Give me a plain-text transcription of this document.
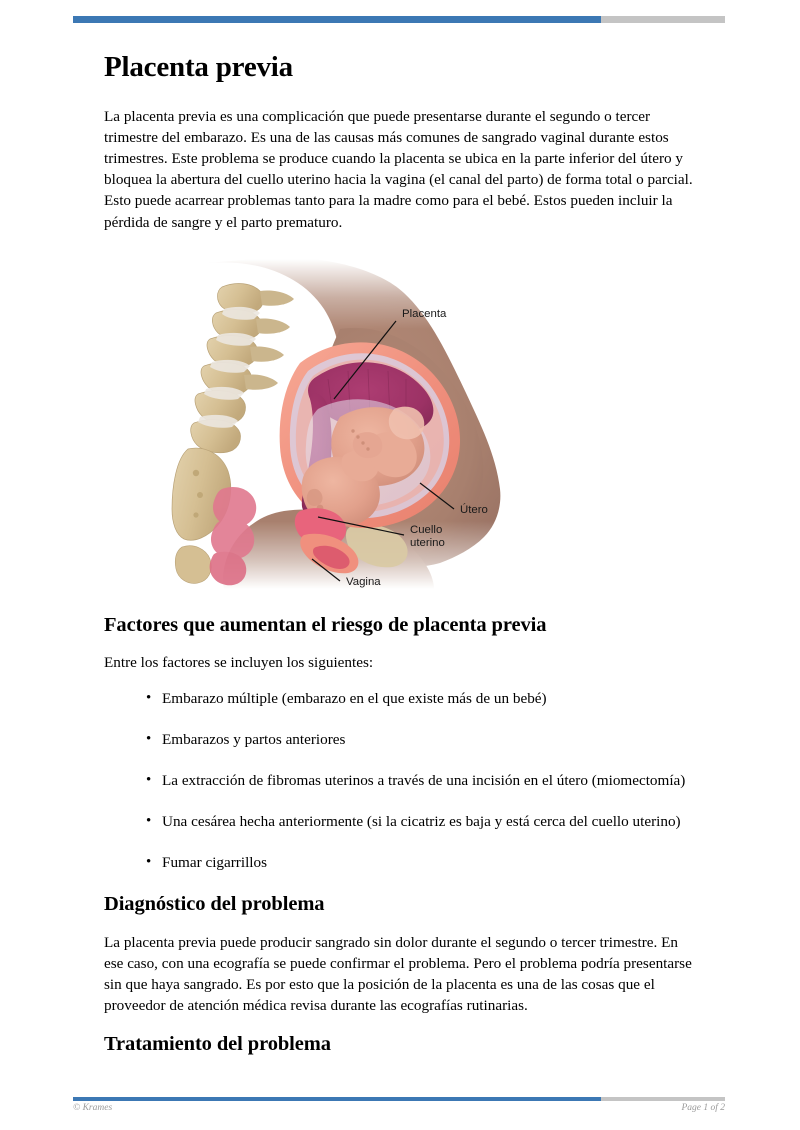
Placenta previa

La placenta previa es una complicación que puede presentarse durante el segundo o tercer trimestre del embarazo. Es una de las causas más comunes de sangrado vaginal durante estos trimestres. Este problema se produce cuando la placenta se ubica en la parte inferior del útero y bloquea la abertura del cuello uterino hacia la vagina (el canal del parto) de forma total o parcial. Esto puede acarrear problemas tanto para la madre como para el bebé. Estos pueden incluir la pérdida de sangre y el parto prematuro.

Placenta
Útero
Cuello
uterino
Vagina
Factores que aumentan el riesgo de placenta previa

Entre los factores se incluyen los siguientes:

• Embarazo múltiple (embarazo en el que existe más de un bebé)
• Embarazos y partos anteriores
• La extracción de fibromas uterinos a través de una incisión en el útero (miomectomía)
• Una cesárea hecha anteriormente (si la cicatriz es baja y está cerca del cuello uterino)
• Fumar cigarrillos
Diagnóstico del problema

La placenta previa puede producir sangrado sin dolor durante el segundo o tercer trimestre. En ese caso, con una ecografía se puede confirmar el problema. Pero el problema podría presentarse sin que haya sangrado. Es por esto que la posición de la placenta es una de las cosas que el proveedor de atención médica revisa durante las ecografías rutinarias.

Tratamiento del problema
© Krames	Page 1 of 2
